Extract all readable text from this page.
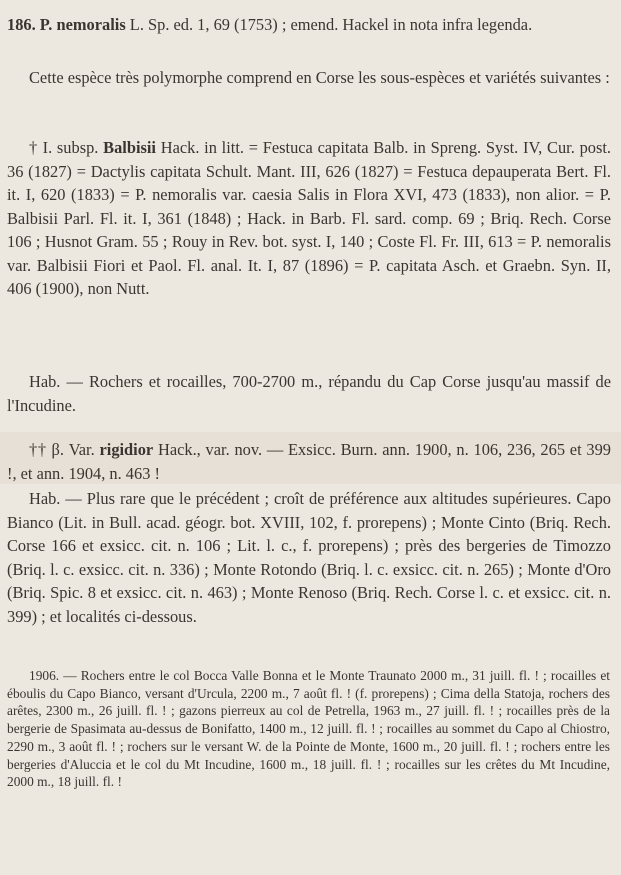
186. P. nemoralis L. Sp. ed. 1, 69 (1753) ; emend. Hackel in nota infra legenda.

Cette espèce très polymorphe comprend en Corse les sous-espèces et variétés suivantes :

† I. subsp. Balbisii Hack. in litt. = Festuca capitata Balb. in Spreng. Syst. IV, Cur. post. 36 (1827) = Dactylis capitata Schult. Mant. III, 626 (1827) = Festuca depauperata Bert. Fl. it. I, 620 (1833) = P. nemoralis var. caesia Salis in Flora XVI, 473 (1833), non alior. = P. Balbisii Parl. Fl. it. I, 361 (1848) ; Hack. in Barb. Fl. sard. comp. 69 ; Briq. Rech. Corse 106 ; Husnot Gram. 55 ; Rouy in Rev. bot. syst. I, 140 ; Coste Fl. Fr. III, 613 = P. nemoralis var. Balbisii Fiori et Paol. Fl. anal. It. I, 87 (1896) = P. capitata Asch. et Graebn. Syn. II, 406 (1900), non Nutt.

Hab. — Rochers et rocailles, 700-2700 m., répandu du Cap Corse jusqu'au massif de l'Incudine.

†† β. Var. rigidior Hack., var. nov. — Exsicc. Burn. ann. 1900, n. 106, 236, 265 et 399 !, et ann. 1904, n. 463 !

Hab. — Plus rare que le précédent ; croît de préférence aux altitudes supérieures. Capo Bianco (Lit. in Bull. acad. géogr. bot. XVIII, 102, f. prorepens) ; Monte Cinto (Briq. Rech. Corse 166 et exsicc. cit. n. 106 ; Lit. l. c., f. prorepens) ; près des bergeries de Timozzo (Briq. l. c. exsicc. cit. n. 336) ; Monte Rotondo (Briq. l. c. exsicc. cit. n. 265) ; Monte d'Oro (Briq. Spic. 8 et exsicc. cit. n. 463) ; Monte Renoso (Briq. Rech. Corse l. c. et exsicc. cit. n. 399) ; et localités ci-dessous.

1906. — Rochers entre le col Bocca Valle Bonna et le Monte Traunato 2000 m., 31 juill. fl. ! ; rocailles et éboulis du Capo Bianco, versant d'Urcula, 2200 m., 7 août fl. ! (f. prorepens) ; Cima della Statoja, rochers des arêtes, 2300 m., 26 juill. fl. ! ; gazons pierreux au col de Petrella, 1963 m., 27 juill. fl. ! ; rocailles près de la bergerie de Spasimata au-dessus de Bonifatto, 1400 m., 12 juill. fl. ! ; rocailles au sommet du Capo al Chiostro, 2290 m., 3 août fl. ! ; rochers sur le versant W. de la Pointe de Monte, 1600 m., 20 juill. fl. ! ; rochers entre les bergeries d'Aluccia et le col du Mt Incudine, 1600 m., 18 juill. fl. ! ; rocailles sur les crêtes du Mt Incudine, 2000 m., 18 juill. fl. !
